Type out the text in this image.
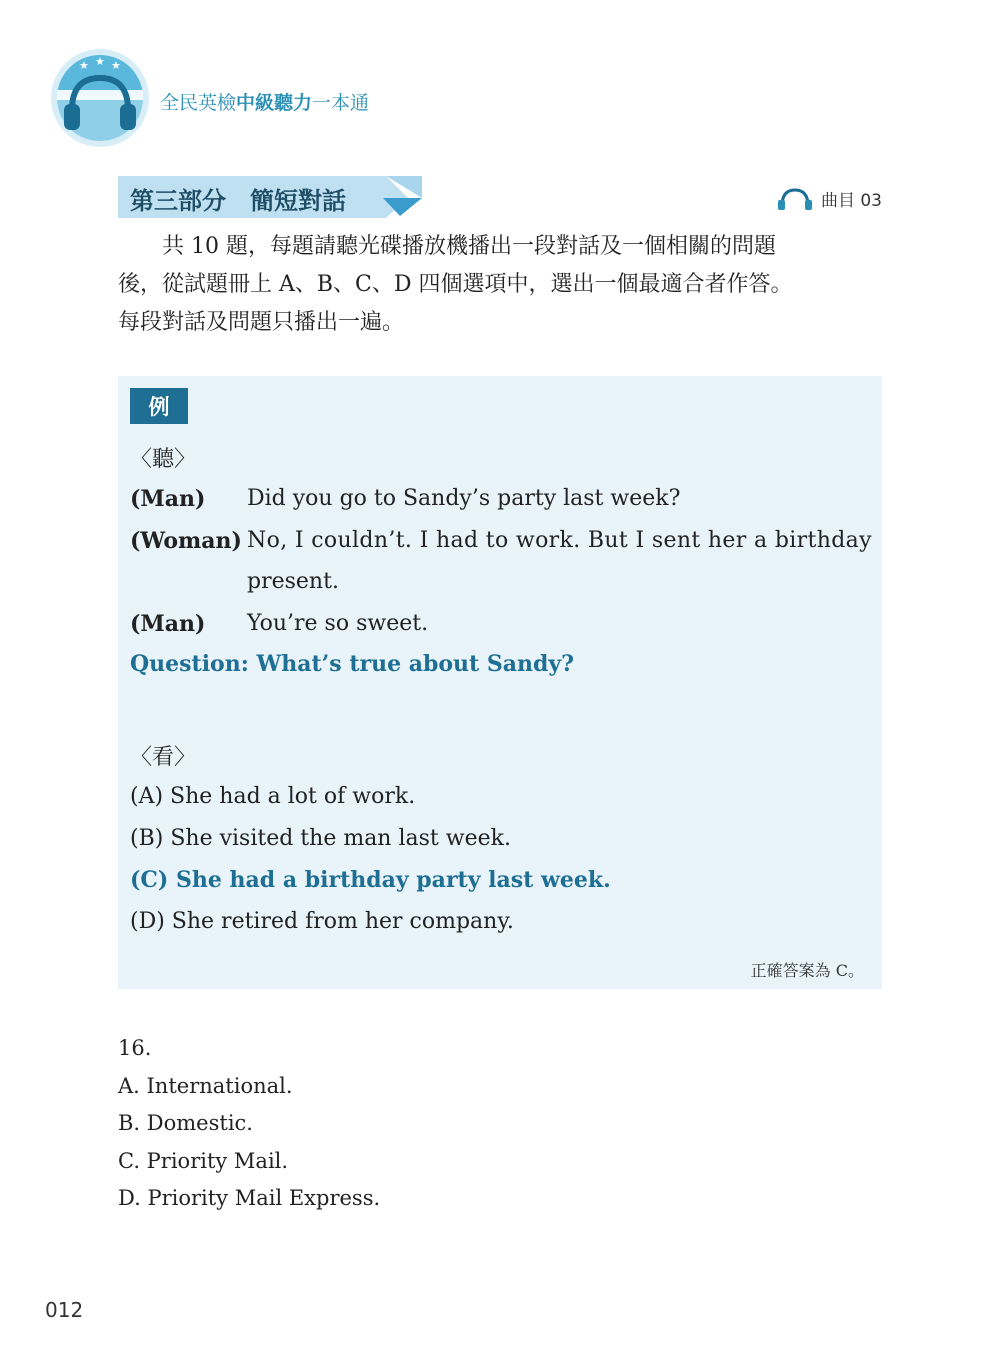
★ ★ ★
全民英檢中級聽力一本通
第三部分　簡短對話	曲目 03

　　共 10 題，每題請聽光碟播放機播出一段對話及一個相關的問題

後，從試題冊上 A、B、C、D 四個選項中，選出一個最適合者作答。

每段對話及問題只播出一遍。

例
〈聽〉
(Man) Did you go to Sandy’s party last week?
(Woman) No, I couldn’t. I had to work. But I sent her a birthday
present.
(Man) You’re so sweet.
Question: What’s true about Sandy?
〈看〉
(A) She had a lot of work.
(B) She visited the man last week.
(C) She had a birthday party last week.
(D) She retired from her company.
正確答案為 C。
16.
A. International.
B. Domestic.
C. Priority Mail.
D. Priority Mail Express.
012
